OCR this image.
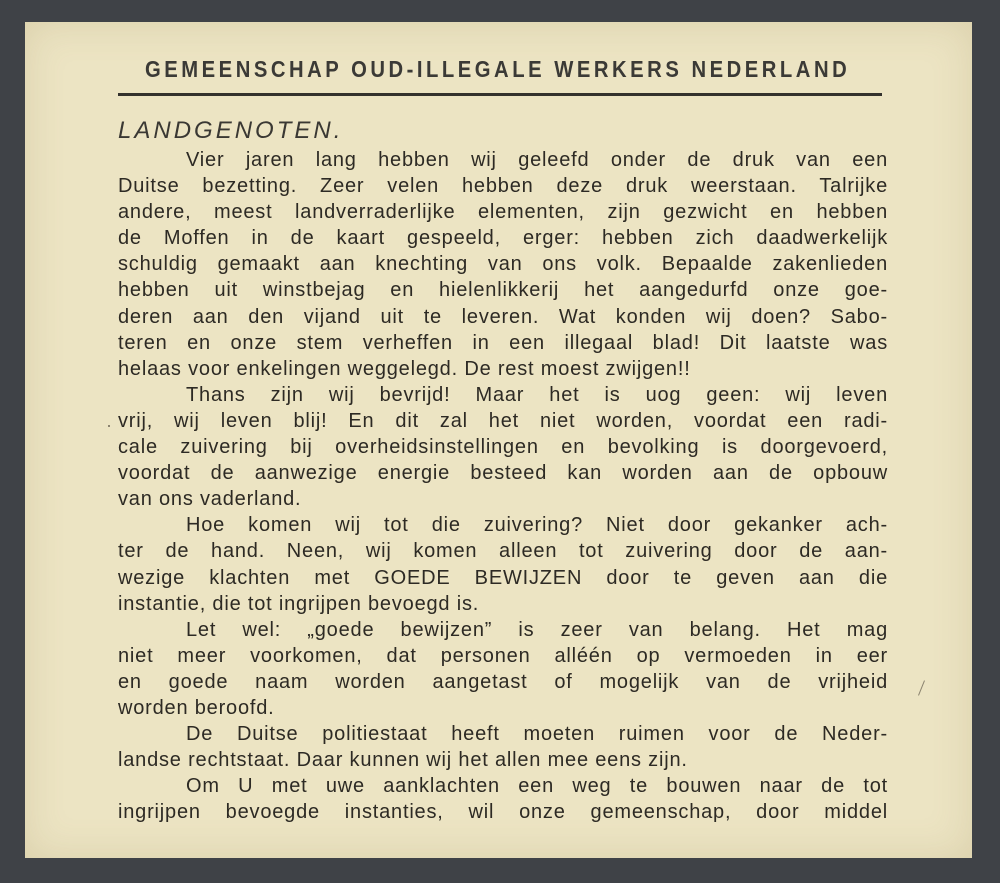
GEMEENSCHAP OUD-ILLEGALE WERKERS NEDERLAND
LANDGENOTEN.
Vier jaren lang hebben wij geleefd onder de druk van een
Duitse bezetting. Zeer velen hebben deze druk weerstaan. Talrijke
andere, meest landverraderlijke elementen, zijn gezwicht en hebben
de Moffen in de kaart gespeeld, erger: hebben zich daadwerkelijk
schuldig gemaakt aan knechting van ons volk. Bepaalde zakenlieden
hebben uit winstbejag en hielenlikkerij het aangedurfd onze goe-
deren aan den vijand uit te leveren. Wat konden wij doen? Sabo-
teren en onze stem verheffen in een illegaal blad! Dit laatste was
helaas voor enkelingen weggelegd. De rest moest zwijgen!!
Thans zijn wij bevrijd! Maar het is uog geen: wij leven
vrij, wij leven blij! En dit zal het niet worden, voordat een radi-
cale zuivering bij overheidsinstellingen en bevolking is doorgevoerd,
voordat de aanwezige energie besteed kan worden aan de opbouw
van ons vaderland.
Hoe komen wij tot die zuivering? Niet door gekanker ach-
ter de hand. Neen, wij komen alleen tot zuivering door de aan-
wezige klachten met GOEDE BEWIJZEN door te geven aan die
instantie, die tot ingrijpen bevoegd is.
Let wel: „goede bewijzen” is zeer van belang. Het mag
niet meer voorkomen, dat personen alléén op vermoeden in eer
en goede naam worden aangetast of mogelijk van de vrijheid
worden beroofd.
De Duitse politiestaat heeft moeten ruimen voor de Neder-
landse rechtstaat. Daar kunnen wij het allen mee eens zijn.
Om U met uwe aanklachten een weg te bouwen naar de tot
ingrijpen bevoegde instanties, wil onze gemeenschap, door middel
